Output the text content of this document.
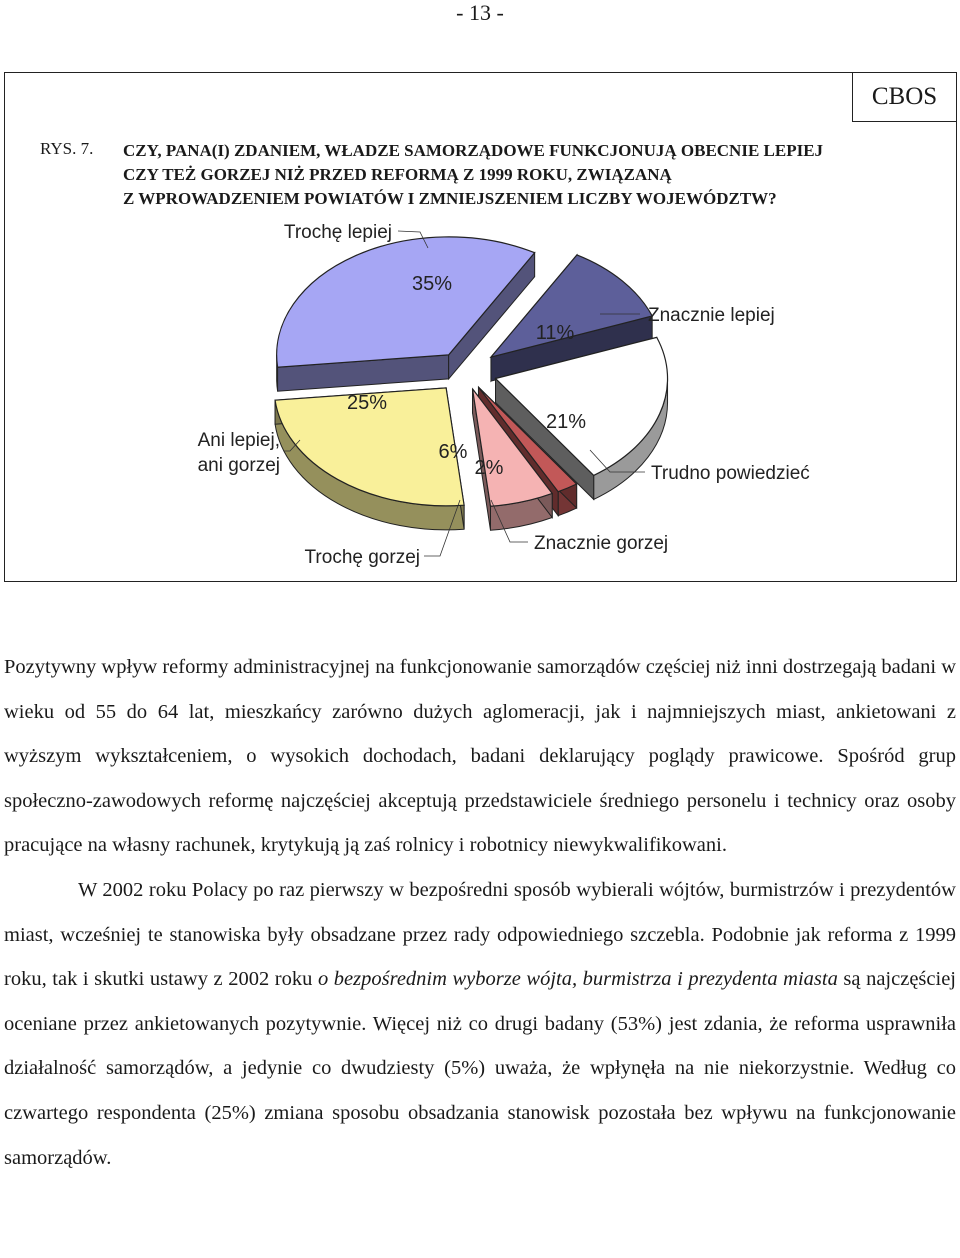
- 13 -
CBOS
RYS. 7. CZY, PANA(I) ZDANIEM, WŁADZE SAMORZĄDOWE FUNKCJONUJĄ OBECNIE LEPIEJ
CZY TEŻ GORZEJ NIŻ PRZED REFORMĄ Z 1999 ROKU, ZWIĄZANĄ
Z WPROWADZENIEM POWIATÓW I ZMNIEJSZENIEM LICZBY WOJEWÓDZTW?
Znacznie lepiej
11%
Trudno powiedzieć
21%
Znacznie gorzej
2%
Trochę gorzej
6%
Ani lepiej, ani gorzej
25%
Trochę lepiej
35%

Pozytywny wpływ reformy administracyjnej na funkcjonowanie samorządów częściej niż inni dostrzegają badani w wieku od 55 do 64 lat, mieszkańcy zarówno dużych aglomeracji, jak i najmniejszych miast, ankietowani z wyższym wykształceniem, o wysokich dochodach, badani deklarujący poglądy prawicowe. Spośród grup społeczno-zawodowych reformę najczęściej akceptują przedstawiciele średniego personelu i technicy oraz osoby pracujące na własny rachunek, krytykują ją zaś rolnicy i robotnicy niewykwalifikowani.

W 2002 roku Polacy po raz pierwszy w bezpośredni sposób wybierali wójtów, burmistrzów i prezydentów miast, wcześniej te stanowiska były obsadzane przez rady odpowiedniego szczebla. Podobnie jak reforma z 1999 roku, tak i skutki ustawy z 2002 roku o bezpośrednim wyborze wójta, burmistrza i prezydenta miasta są najczęściej oceniane przez ankietowanych pozytywnie. Więcej niż co drugi badany (53%) jest zdania, że reforma usprawniła działalność samorządów, a jedynie co dwudziesty (5%) uważa, że wpłynęła na nie niekorzystnie. Według co czwartego respondenta (25%) zmiana sposobu obsadzania stanowisk pozostała bez wpływu na funkcjonowanie samorządów.
